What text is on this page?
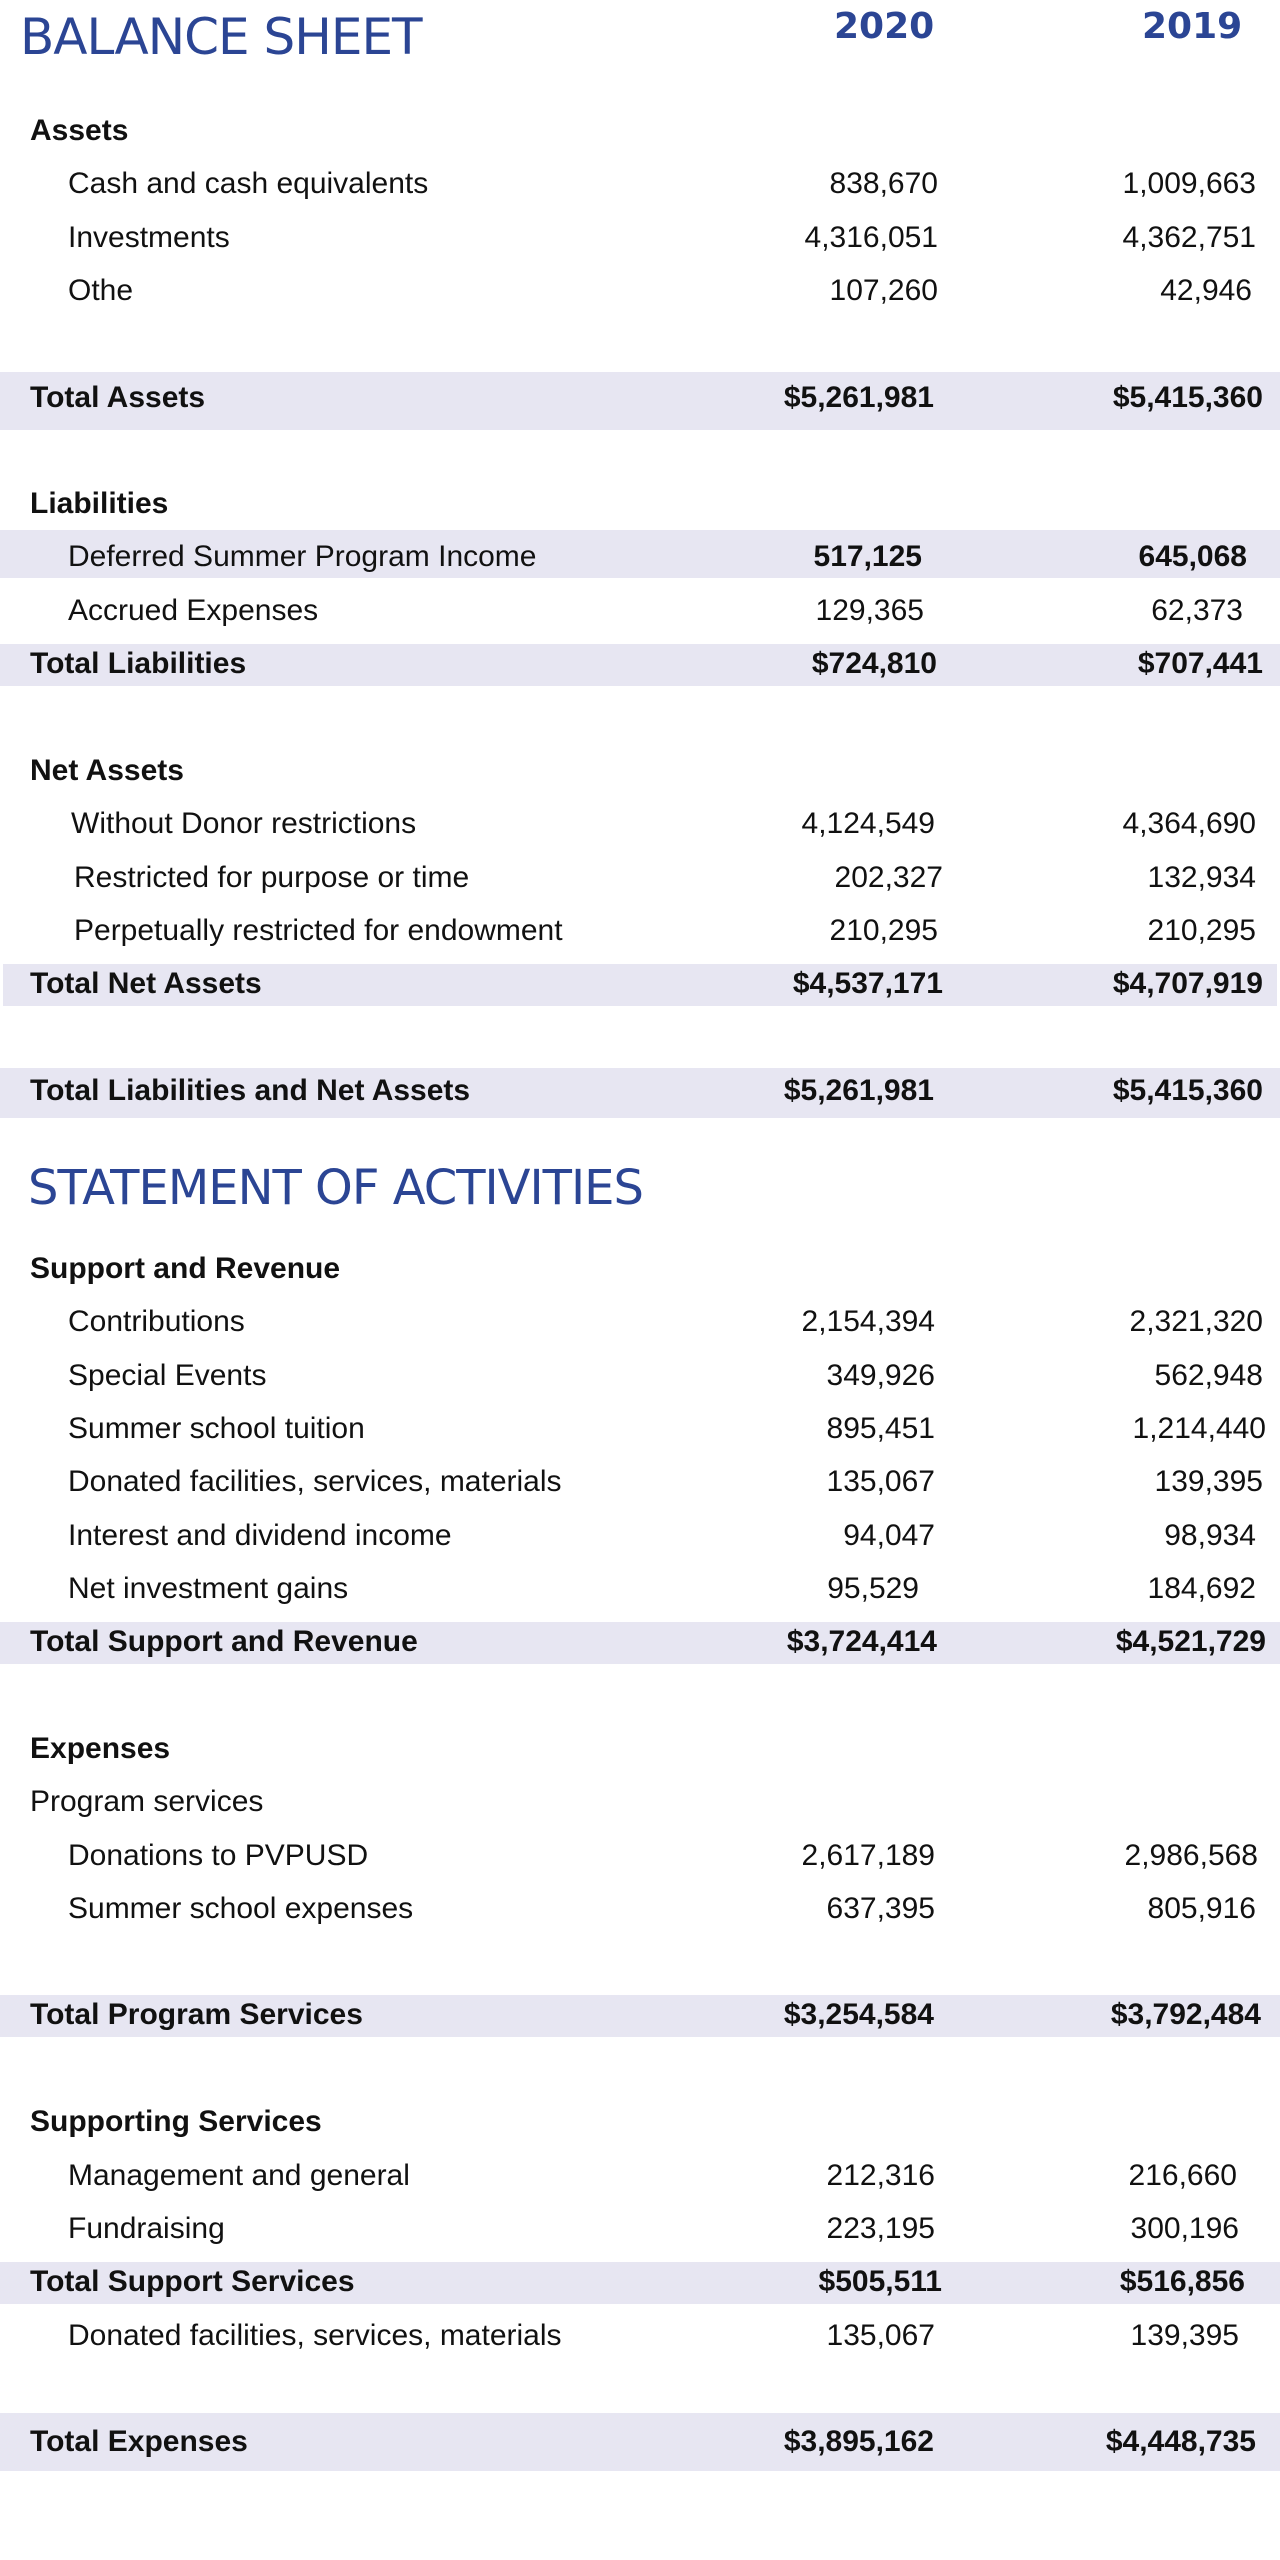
BALANCE SHEET	2020	2019
Assets
Cash and cash equivalents	838,670	1,009,663
Investments	4,316,051	4,362,751
Othe	107,260	42,946
Total Assets	$5,261,981	$5,415,360
Liabilities
Deferred Summer Program Income	517,125	645,068
Accrued Expenses	129,365	62,373
Total Liabilities	$724,810	$707,441
Net Assets
Without Donor restrictions	4,124,549	4,364,690
Restricted for purpose or time	202,327	132,934
Perpetually restricted for endowment	210,295	210,295
Total Net Assets	$4,537,171	$4,707,919
Total Liabilities and Net Assets	$5,261,981	$5,415,360
STATEMENT OF ACTIVITIES
Support and Revenue
Contributions	2,154,394	2,321,320
Special Events	349,926	562,948
Summer school tuition	895,451	1,214,440
Donated facilities, services, materials	135,067	139,395
Interest and dividend income	94,047	98,934
Net investment gains	95,529	184,692
Total Support and Revenue	$3,724,414	$4,521,729
Expenses
Program services
Donations to PVPUSD	2,617,189	2,986,568
Summer school expenses	637,395	805,916
Total Program Services	$3,254,584	$3,792,484
Supporting Services
Management and general	212,316	216,660
Fundraising	223,195	300,196
Total Support Services	$505,511	$516,856
Donated facilities, services, materials	135,067	139,395
Total Expenses	$3,895,162	$4,448,735
